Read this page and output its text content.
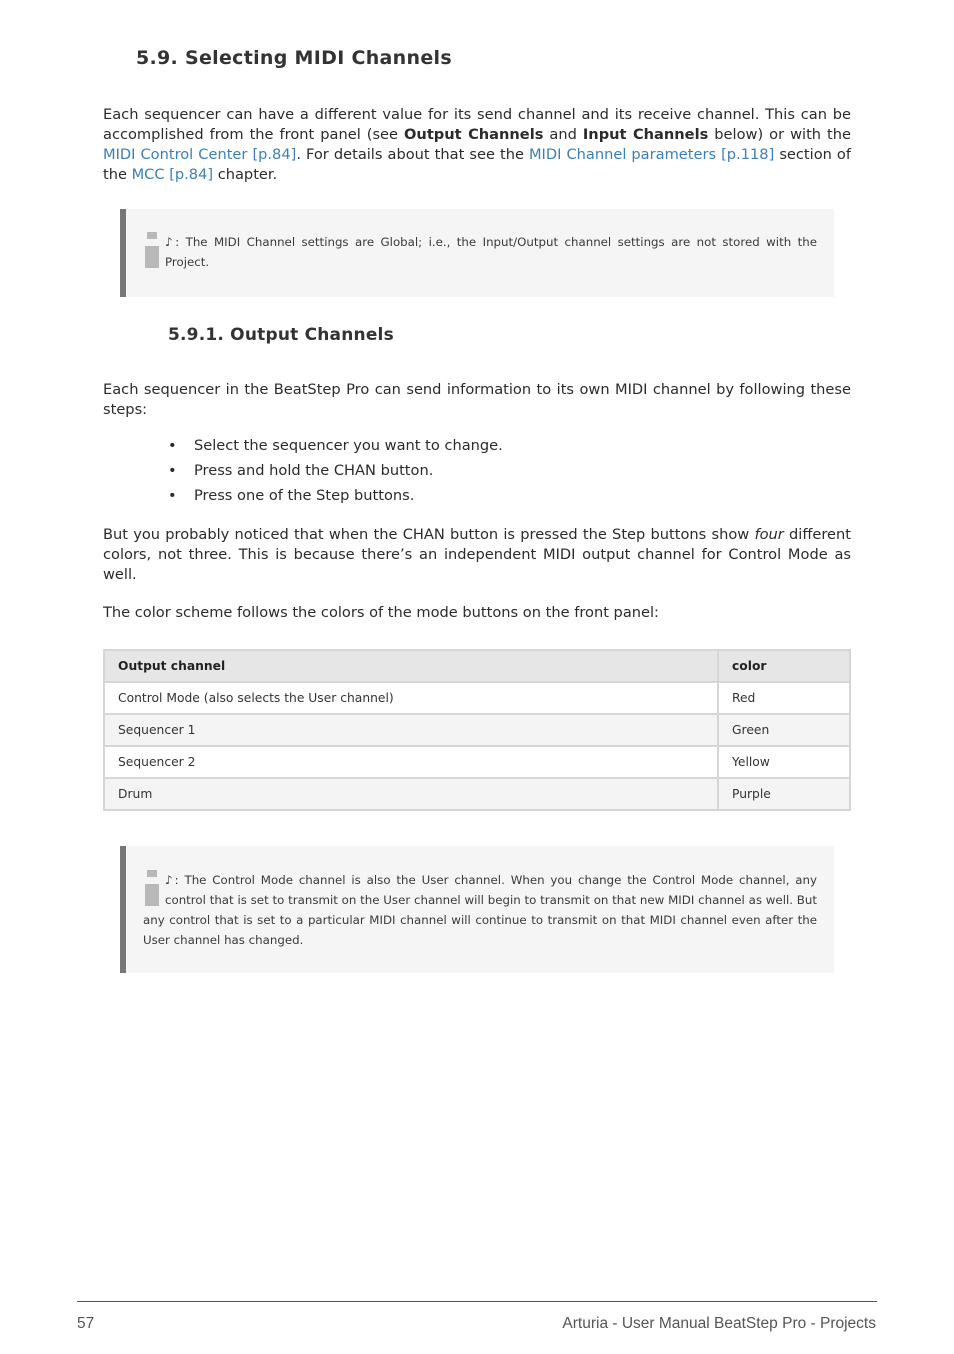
5.9. Selecting MIDI Channels

Each sequencer can have a different value for its send channel and its receive channel. This can be accomplished from the front panel (see Output Channels and Input Channels below) or with the MIDI Control Center [p.84]. For details about that see the MIDI Channel parameters [p.118] section of the MCC [p.84] chapter.

♪: The MIDI Channel settings are Global; i.e., the Input/Output channel settings are not stored with the Project.
5.9.1. Output Channels

Each sequencer in the BeatStep Pro can send information to its own MIDI channel by following these steps:

• Select the sequencer you want to change.
• Press and hold the CHAN button.
• Press one of the Step buttons.

But you probably noticed that when the CHAN button is pressed the Step buttons show four different colors, not three. This is because there’s an independent MIDI output channel for Control Mode as well.

The color scheme follows the colors of the mode buttons on the front panel:

Output channel	color
Control Mode (also selects the User channel)	Red
Sequencer 1	Green
Sequencer 2	Yellow
Drum	Purple
♪: The Control Mode channel is also the User channel. When you change the Control Mode channel, any control that is set to transmit on the User channel will begin to transmit on that new MIDI channel as well. But any control that is set to a particular MIDI channel will continue to transmit on that MIDI channel even after the User channel has changed.
57	Arturia - User Manual BeatStep Pro - Projects
